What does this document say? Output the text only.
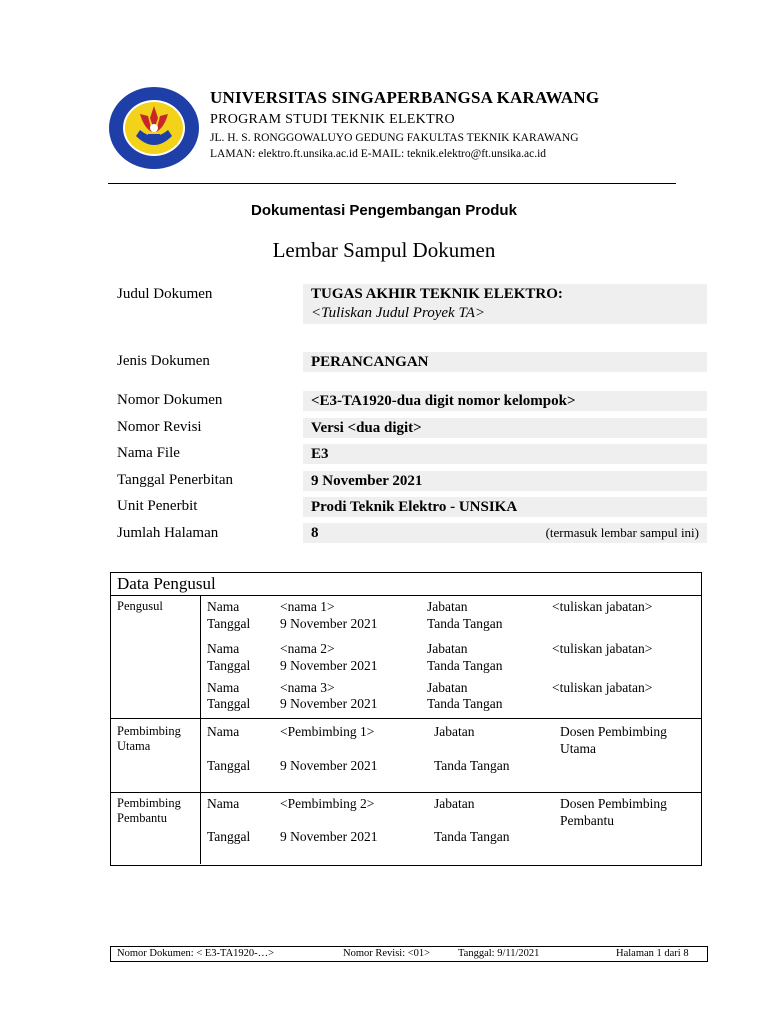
UNIVERSITAS SINGAPERBANGSA KARAWANG
PROGRAM STUDI TEKNIK ELEKTRO
JL. H. S. RONGGOWALUYO GEDUNG FAKULTAS TEKNIK KARAWANG
LAMAN: elektro.ft.unsika.ac.id E-MAIL: teknik.elektro@ft.unsika.ac.id
Dokumentasi Pengembangan Produk
Lembar Sampul Dokumen
Judul Dokumen	TUGAS AKHIR TEKNIK ELEKTRO:
<Tuliskan Judul Proyek TA>
Jenis Dokumen	PERANCANGAN
Nomor Dokumen	<E3-TA1920-dua digit nomor kelompok>
Nomor Revisi	Versi <dua digit>
Nama File	E3
Tanggal Penerbitan	9 November 2021
Unit Penerbit	Prodi Teknik Elektro - UNSIKA
Jumlah Halaman	8	(termasuk lembar sampul ini)
Data Pengusul
Pengusul	Nama	<nama 1>	Jabatan	<tuliskan jabatan>
Tanggal 9 November 2021	Tanda Tangan
Nama	<nama 2>	Jabatan	<tuliskan jabatan>
Tanggal 9 November 2021	Tanda Tangan
Nama	<nama 3>	Jabatan	<tuliskan jabatan>
Tanggal 9 November 2021	Tanda Tangan
Pembimbing
Utama
Nama	<Pembimbing 1>	Jabatan	Dosen Pembimbing
Utama
Tanggal 9 November 2021	Tanda Tangan
Pembimbing
Pembantu
Nama	<Pembimbing 2>	Jabatan	Dosen Pembimbing
Pembantu
Tanggal 9 November 2021	Tanda Tangan
Nomor Dokumen: < E3-TA1920-…>	Nomor Revisi: <01>	Tanggal: 9/11/2021	Halaman 1 dari 8
